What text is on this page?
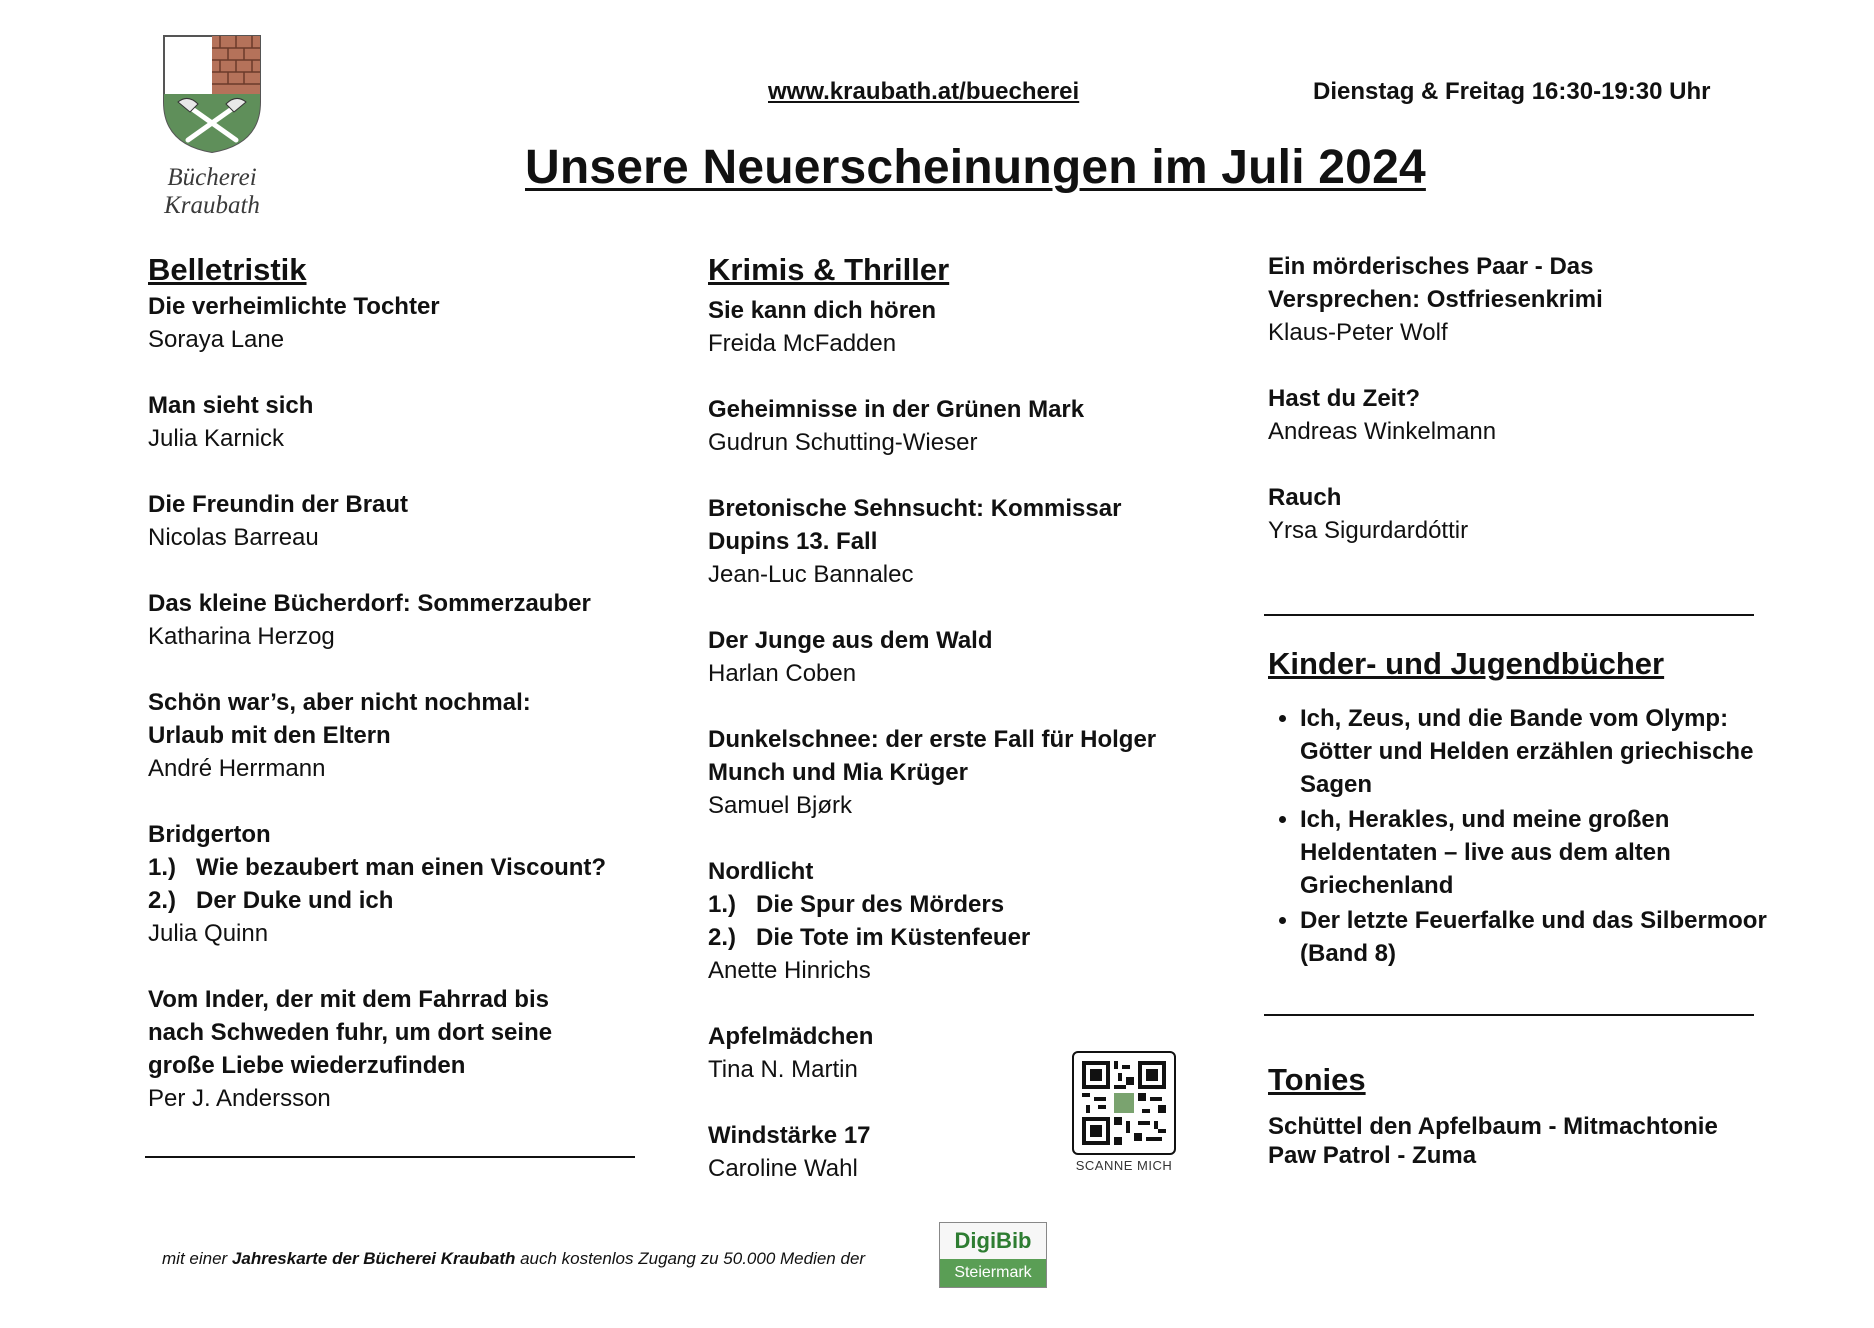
Bücherei Kraubath
www.kraubath.at/buecherei	Dienstag & Freitag 16:30-19:30 Uhr
Unsere Neuerscheinungen im Juli 2024
Belletristik
Die verheimlichte Tochter
Soraya Lane
Man sieht sich
Julia Karnick
Die Freundin der Braut
Nicolas Barreau
Das kleine Bücherdorf: Sommerzauber
Katharina Herzog
Schön war’s, aber nicht nochmal: Urlaub mit den Eltern
André Herrmann
Bridgerton
1.) Wie bezaubert man einen Viscount?
2.) Der Duke und ich
Julia Quinn
Vom Inder, der mit dem Fahrrad bis nach Schweden fuhr, um dort seine große Liebe wiederzufinden
Per J. Andersson
Krimis & Thriller
Sie kann dich hören
Freida McFadden
Geheimnisse in der Grünen Mark
Gudrun Schutting-Wieser
Bretonische Sehnsucht: Kommissar Dupins 13. Fall
Jean-Luc Bannalec
Der Junge aus dem Wald
Harlan Coben
Dunkelschnee: der erste Fall für Holger Munch und Mia Krüger
Samuel Bjørk
Nordlicht
1.) Die Spur des Mörders
2.) Die Tote im Küstenfeuer
Anette Hinrichs
Apfelmädchen
Tina N. Martin
Windstärke 17
Caroline Wahl	SCANNE MICH
Ein mörderisches Paar - Das Versprechen: Ostfriesenkrimi
Klaus-Peter Wolf
Hast du Zeit?
Andreas Winkelmann
Rauch
Yrsa Sigurdardóttir
Kinder- und Jugendbücher
• Ich, Zeus, und die Bande vom Olymp: Götter und Helden erzählen griechische Sagen
• Ich, Herakles, und meine großen Heldentaten – live aus dem alten Griechenland
• Der letzte Feuerfalke und das Silbermoor (Band 8)
Tonies
Schüttel den Apfelbaum - Mitmachtonie
Paw Patrol - Zuma
mit einer Jahreskarte der Bücherei Kraubath auch kostenlos Zugang zu 50.000 Medien der
DigiBib
Steiermark
